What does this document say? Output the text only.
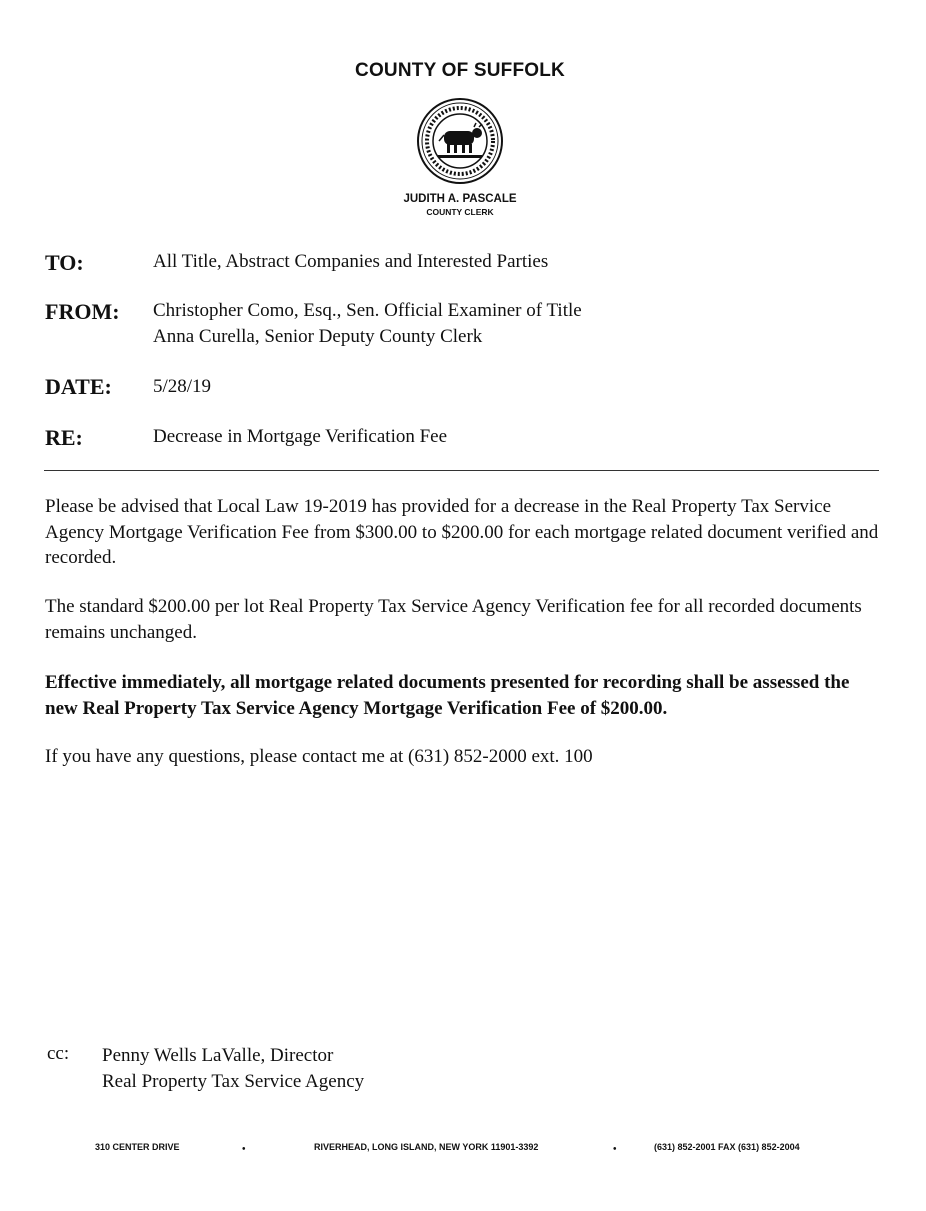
COUNTY OF SUFFOLK
JUDITH A. PASCALE
COUNTY CLERK
TO:	All Title, Abstract Companies and Interested Parties
FROM: Christopher Como, Esq., Sen. Official Examiner of Title
Anna Curella, Senior Deputy County Clerk
DATE: 5/28/19
RE:	Decrease in Mortgage Verification Fee
Please be advised that Local Law 19-2019 has provided for a decrease in the Real Property Tax Service Agency Mortgage Verification Fee from $300.00 to $200.00 for each mortgage related document verified and recorded.
The standard $200.00 per lot Real Property Tax Service Agency Verification fee for all recorded documents remains unchanged.
Effective immediately, all mortgage related documents presented for recording shall be assessed the new Real Property Tax Service Agency Mortgage Verification Fee of $200.00.
If you have any questions, please contact me at (631) 852-2000 ext. 100
cc: Penny Wells LaValle, Director
Real Property Tax Service Agency
310 CENTER DRIVE	•	RIVERHEAD, LONG ISLAND, NEW YORK 11901-3392	•	(631) 852-2001 FAX (631) 852-2004
